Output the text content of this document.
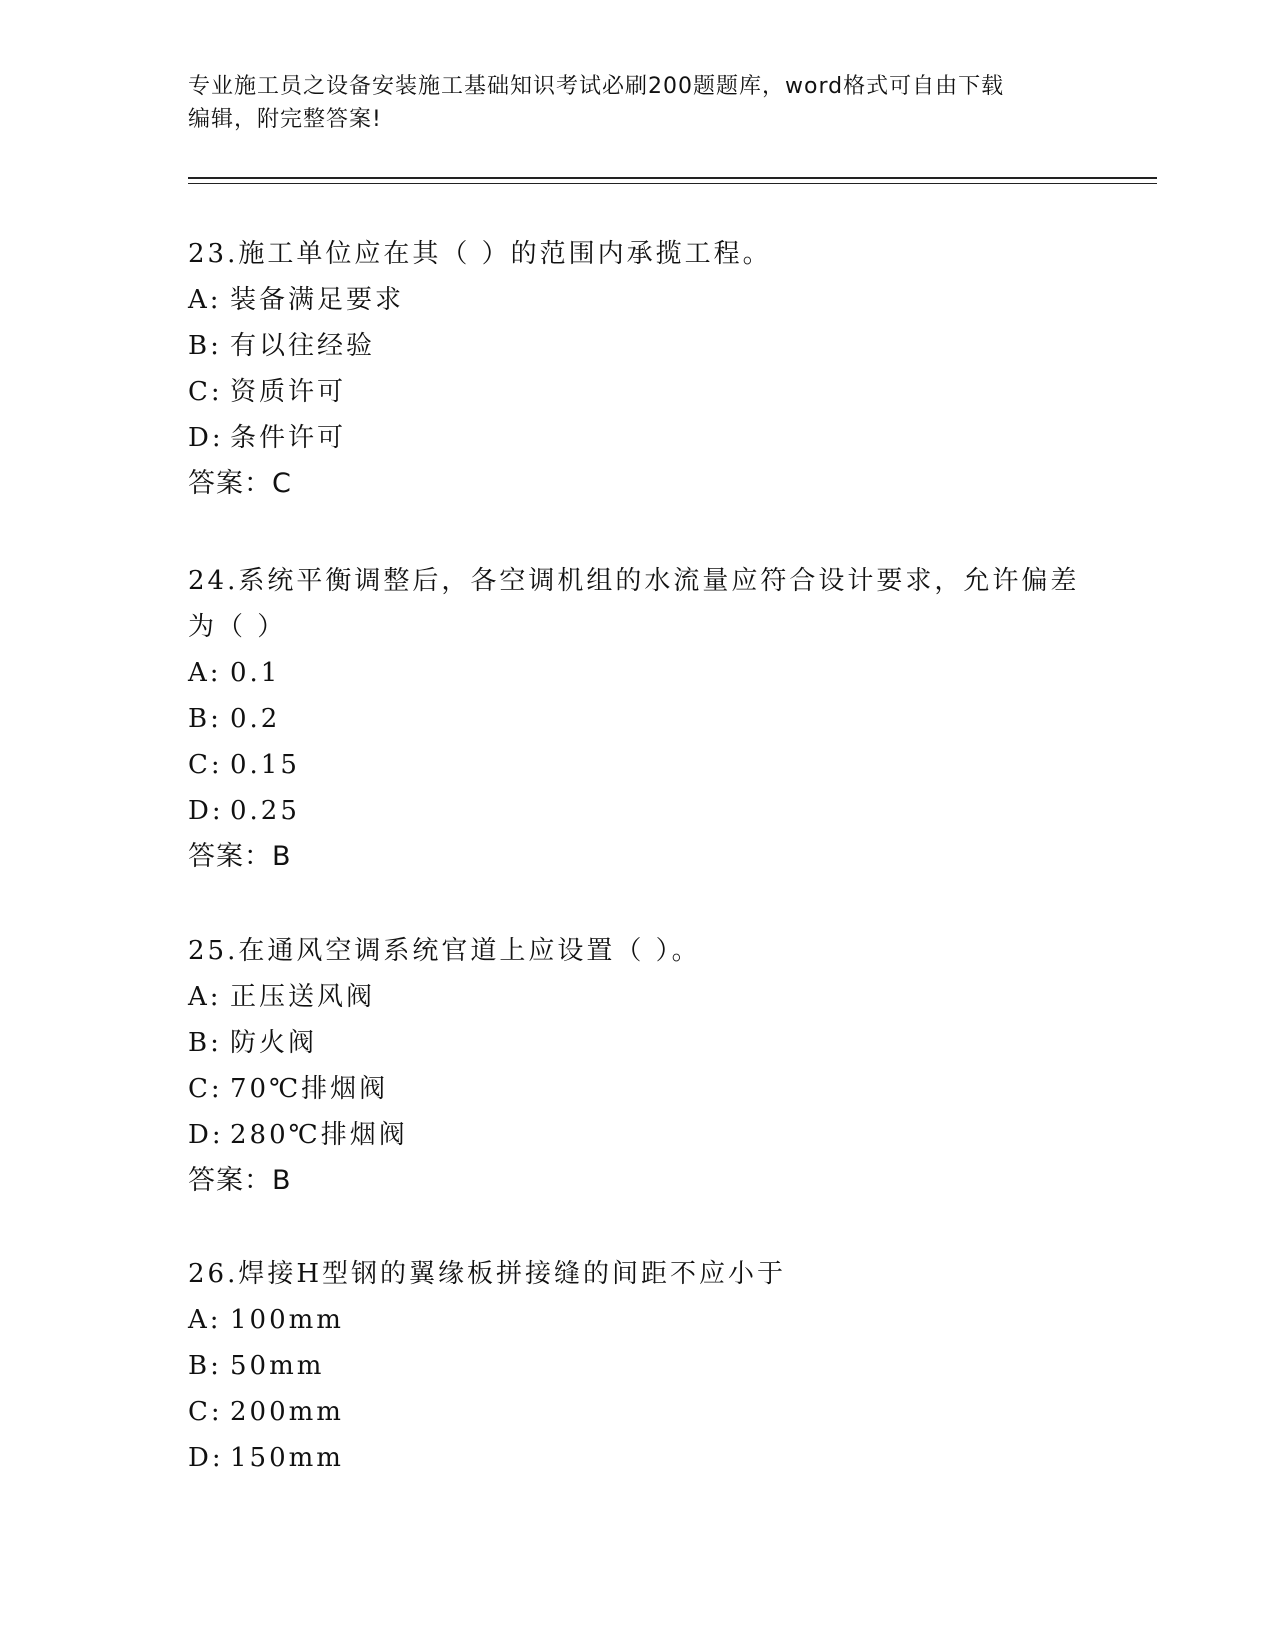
专业施工员之设备安装施工基础知识考试必刷200题题库，word格式可自由下载
编辑，附完整答案!
23.施工单位应在其（ ）的范围内承揽工程。
A: 装备满足要求
B: 有以往经验
C: 资质许可
D: 条件许可
答案：C
24.系统平衡调整后，各空调机组的水流量应符合设计要求，允许偏差
为（ ）
A: 0.1
B: 0.2
C: 0.15
D: 0.25
答案：B
25.在通风空调系统官道上应设置（ ）。
A: 正压送风阀
B: 防火阀
C: 70℃排烟阀
D: 280℃排烟阀
答案：B
26.焊接H型钢的翼缘板拼接缝的间距不应小于
A: 100mm
B: 50mm
C: 200mm
D: 150mm
